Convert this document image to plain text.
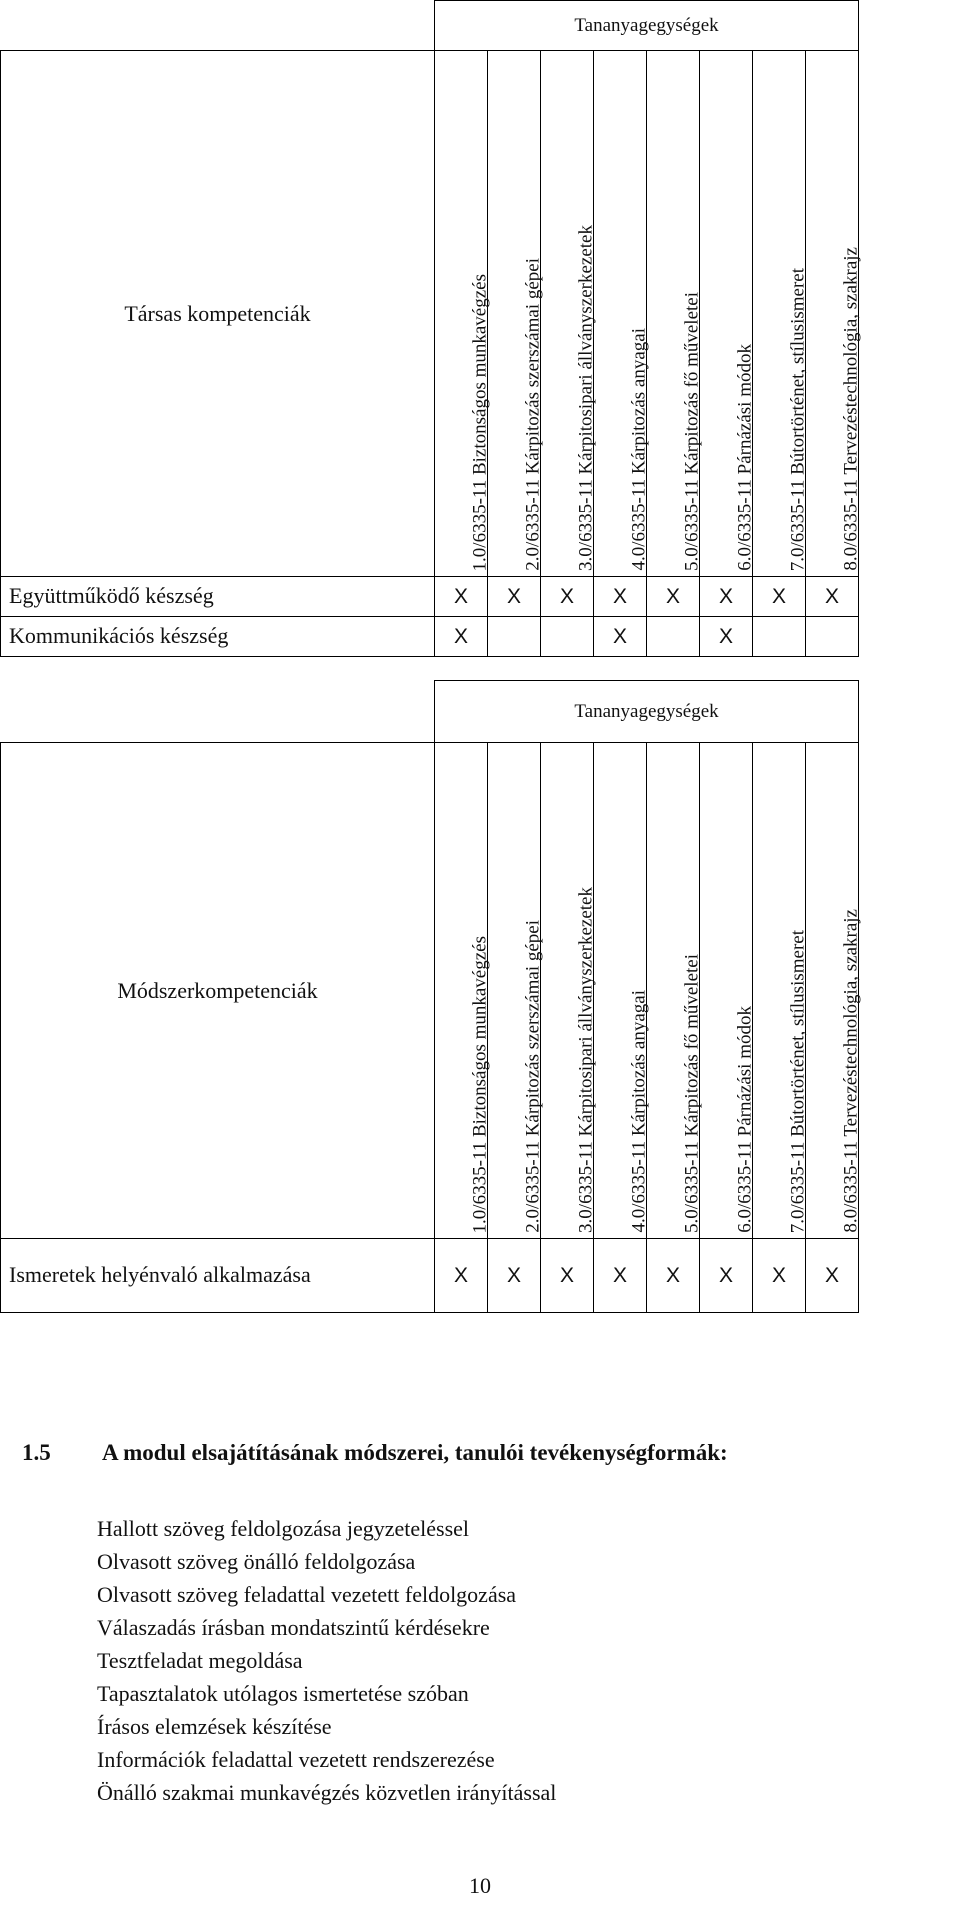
	Tananyagegységek							
Társas kompetenciák	1.0/6335-11 Biztonságos munkavégzés	2.0/6335-11 Kárpitozás szerszámai gépei	3.0/6335-11 Kárpitosipari állványszerkezetek	4.0/6335-11 Kárpitozás anyagai	5.0/6335-11 Kárpitozás fő műveletei	6.0/6335-11 Párnázási módok	7.0/6335-11 Bútortörténet, stílusismeret	8.0/6335-11 Tervezéstechnológia, szakrajz

Együttműködő készség	X	X	X	X	X	X	X	X
Kommunikációs készség	X			X		X		
	Tananyagegységek							
Módszerkompetenciák	1.0/6335-11 Biztonságos munkavégzés	2.0/6335-11 Kárpitozás szerszámai gépei	3.0/6335-11 Kárpitosipari állványszerkezetek	4.0/6335-11 Kárpitozás anyagai	5.0/6335-11 Kárpitozás fő műveletei	6.0/6335-11 Párnázási módok	7.0/6335-11 Bútortörténet, stílusismeret	8.0/6335-11 Tervezéstechnológia, szakrajz

Ismeretek helyénvaló alkalmazása	X	X	X	X	X	X	X	X
1.5 A modul elsajátításának módszerei, tanulói tevékenységformák:
Hallott szöveg feldolgozása jegyzeteléssel
Olvasott szöveg önálló feldolgozása
Olvasott szöveg feladattal vezetett feldolgozása
Válaszadás írásban mondatszintű kérdésekre
Tesztfeladat megoldása
Tapasztalatok utólagos ismertetése szóban
Írásos elemzések készítése
Információk feladattal vezetett rendszerezése
Önálló szakmai munkavégzés közvetlen irányítással
10
